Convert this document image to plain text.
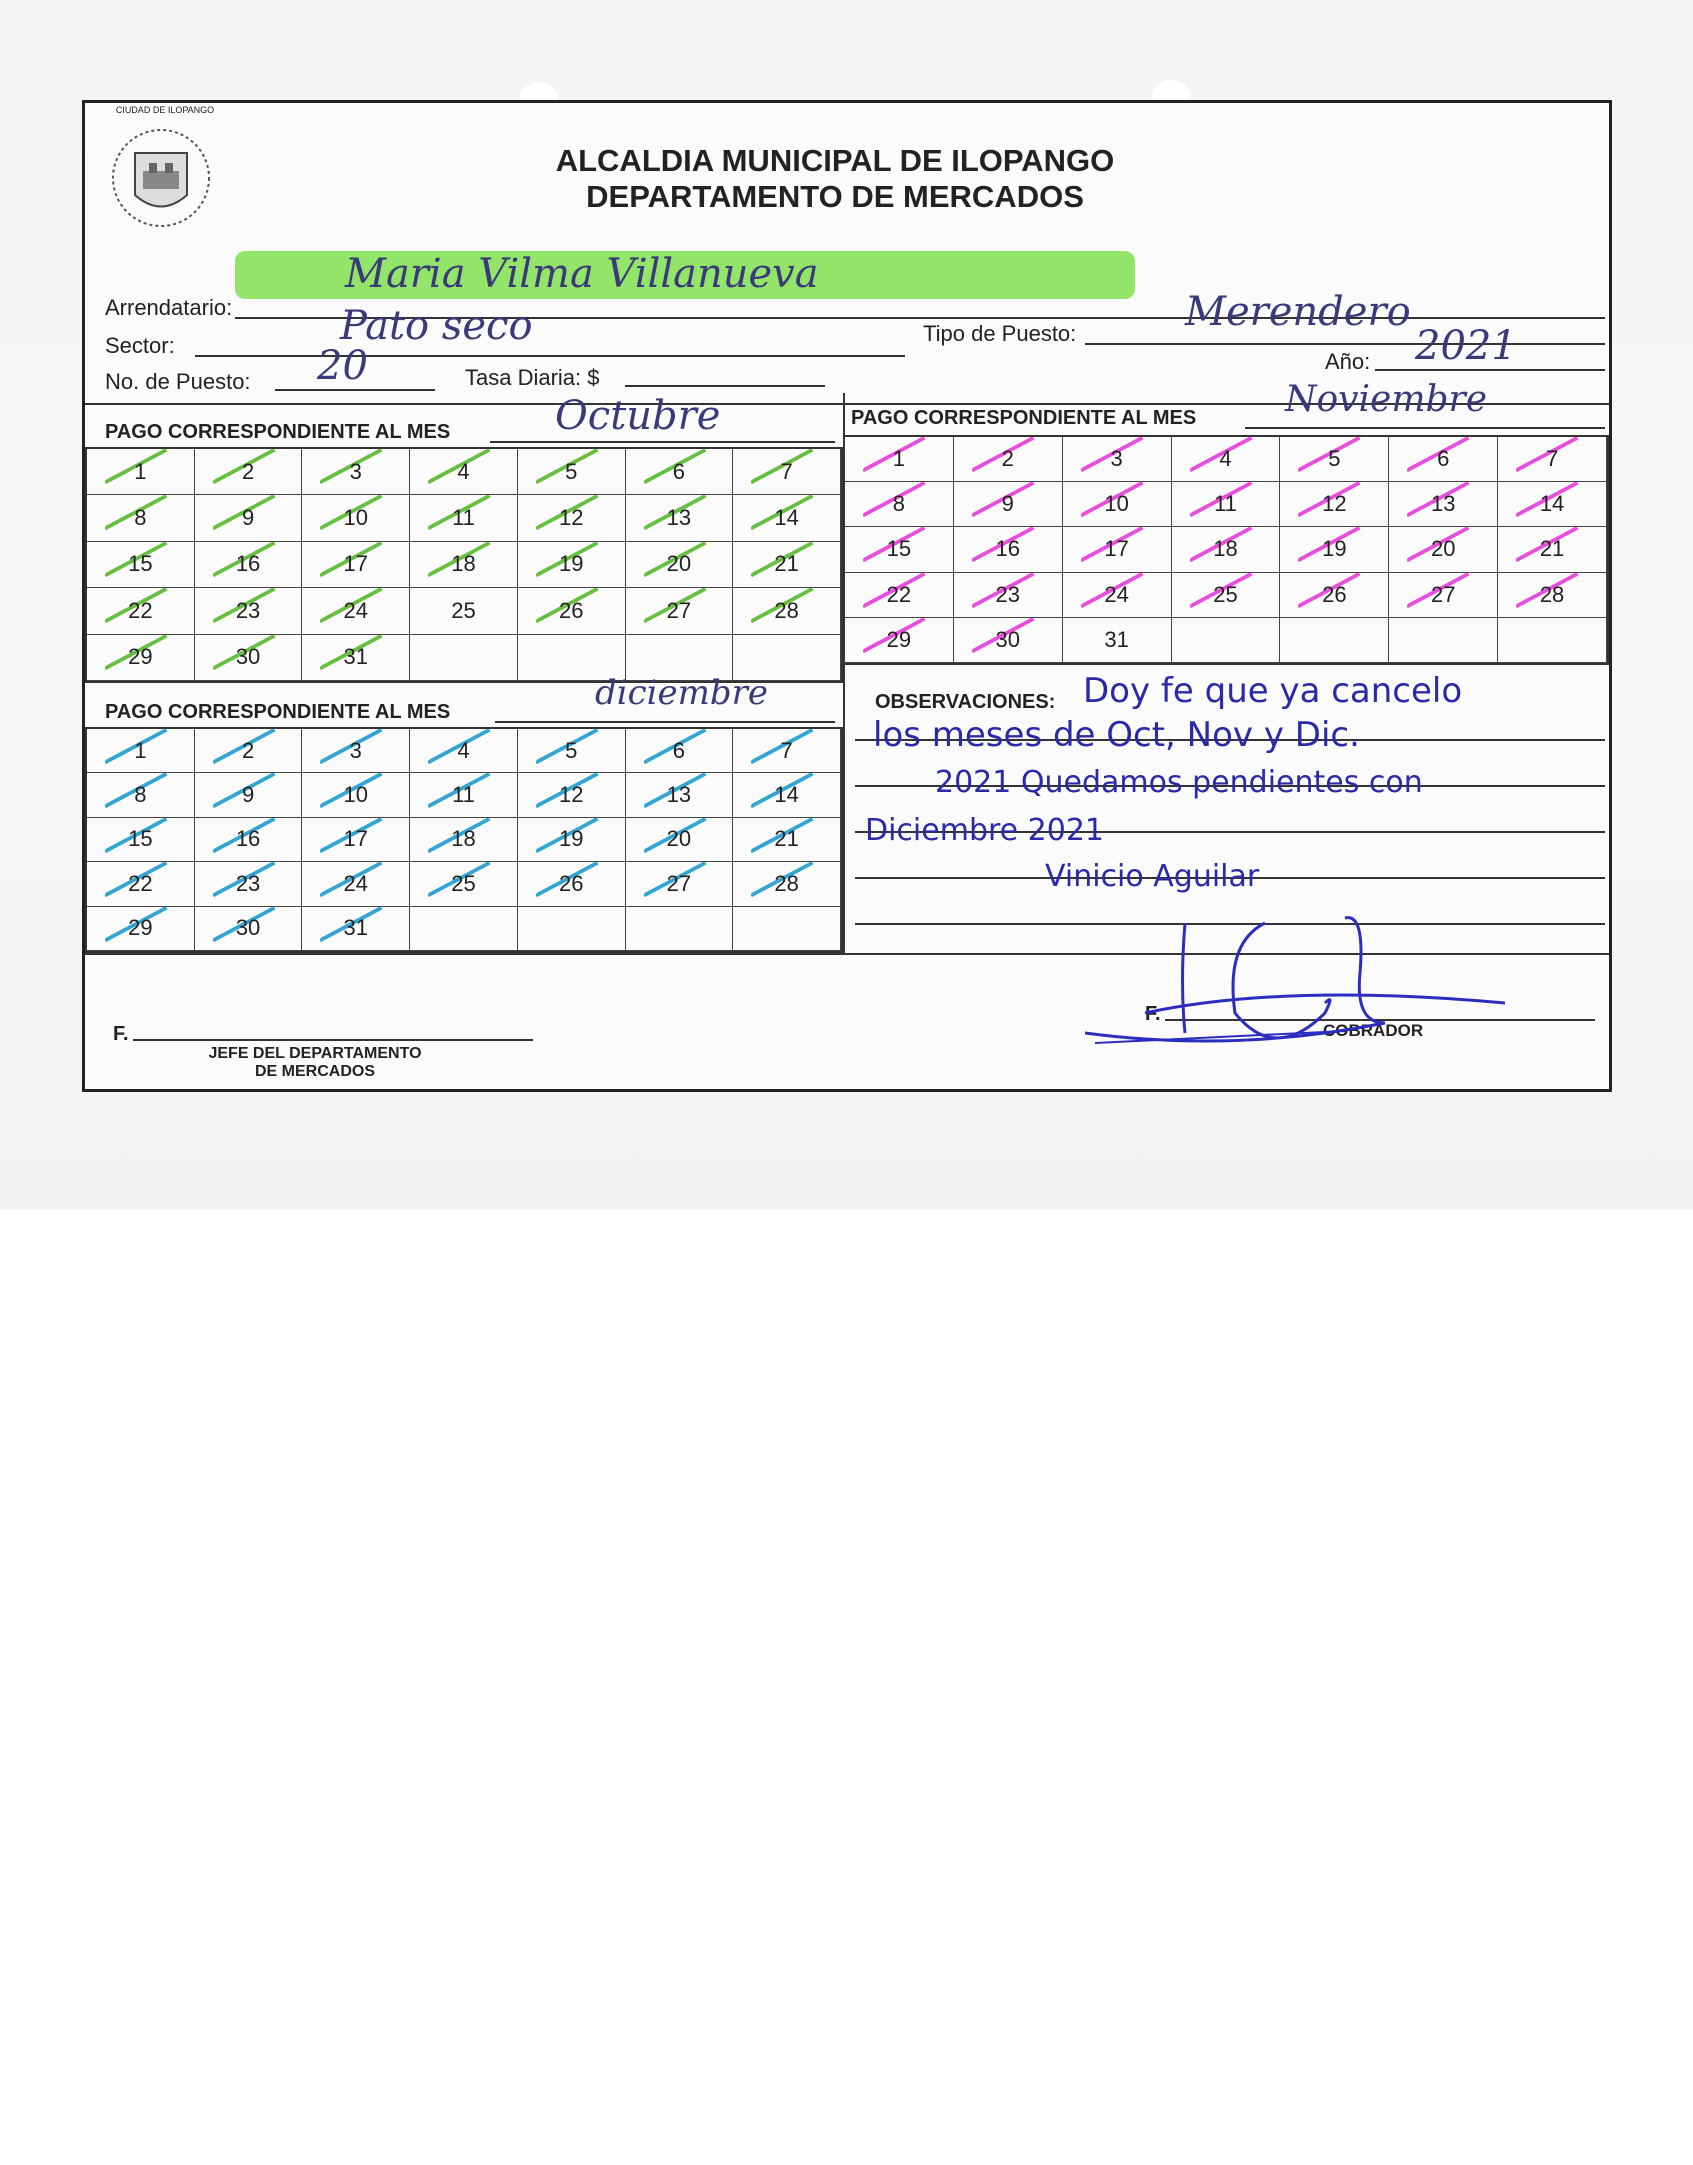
CIUDAD DE ILOPANGO
ALCALDIA MUNICIPAL DE ILOPANGO
DEPARTAMENTO DE MERCADOS
Arrendatario:
Maria Vilma Villanueva
Sector:	Pato seco	Tipo de Puesto:	Merendero
No. de Puesto: 20	Tasa Diaria: $
Año: 2021
PAGO CORRESPONDIENTE AL MES	Octubre
1	2	3	4	5	6	7
8	9	10	11	12	13	14
15	16	17	18	19	20	21
22	23	24	25	26	27	28
29	30	31
PAGO CORRESPONDIENTE AL MES Noviembre
1	2	3	4	5	6	7
8	9	10	11	12	13	14
15	16	17	18	19	20	21
22	23	24	25	26	27	28
29	30	31
PAGO CORRESPONDIENTE AL MES	diciembre
1	2	3	4	5	6	7
8	9	10	11	12	13	14
15	16	17	18	19	20	21
22	23	24	25	26	27	28
29	30	31
OBSERVACIONES: Doy fe que ya cancelo
los meses de Oct, Nov y Dic.
2021 Quedamos pendientes con
Diciembre 2021
Vinicio Aguilar
F.
JEFE DEL DEPARTAMENTO
DE MERCADOS
F.
COBRADOR
